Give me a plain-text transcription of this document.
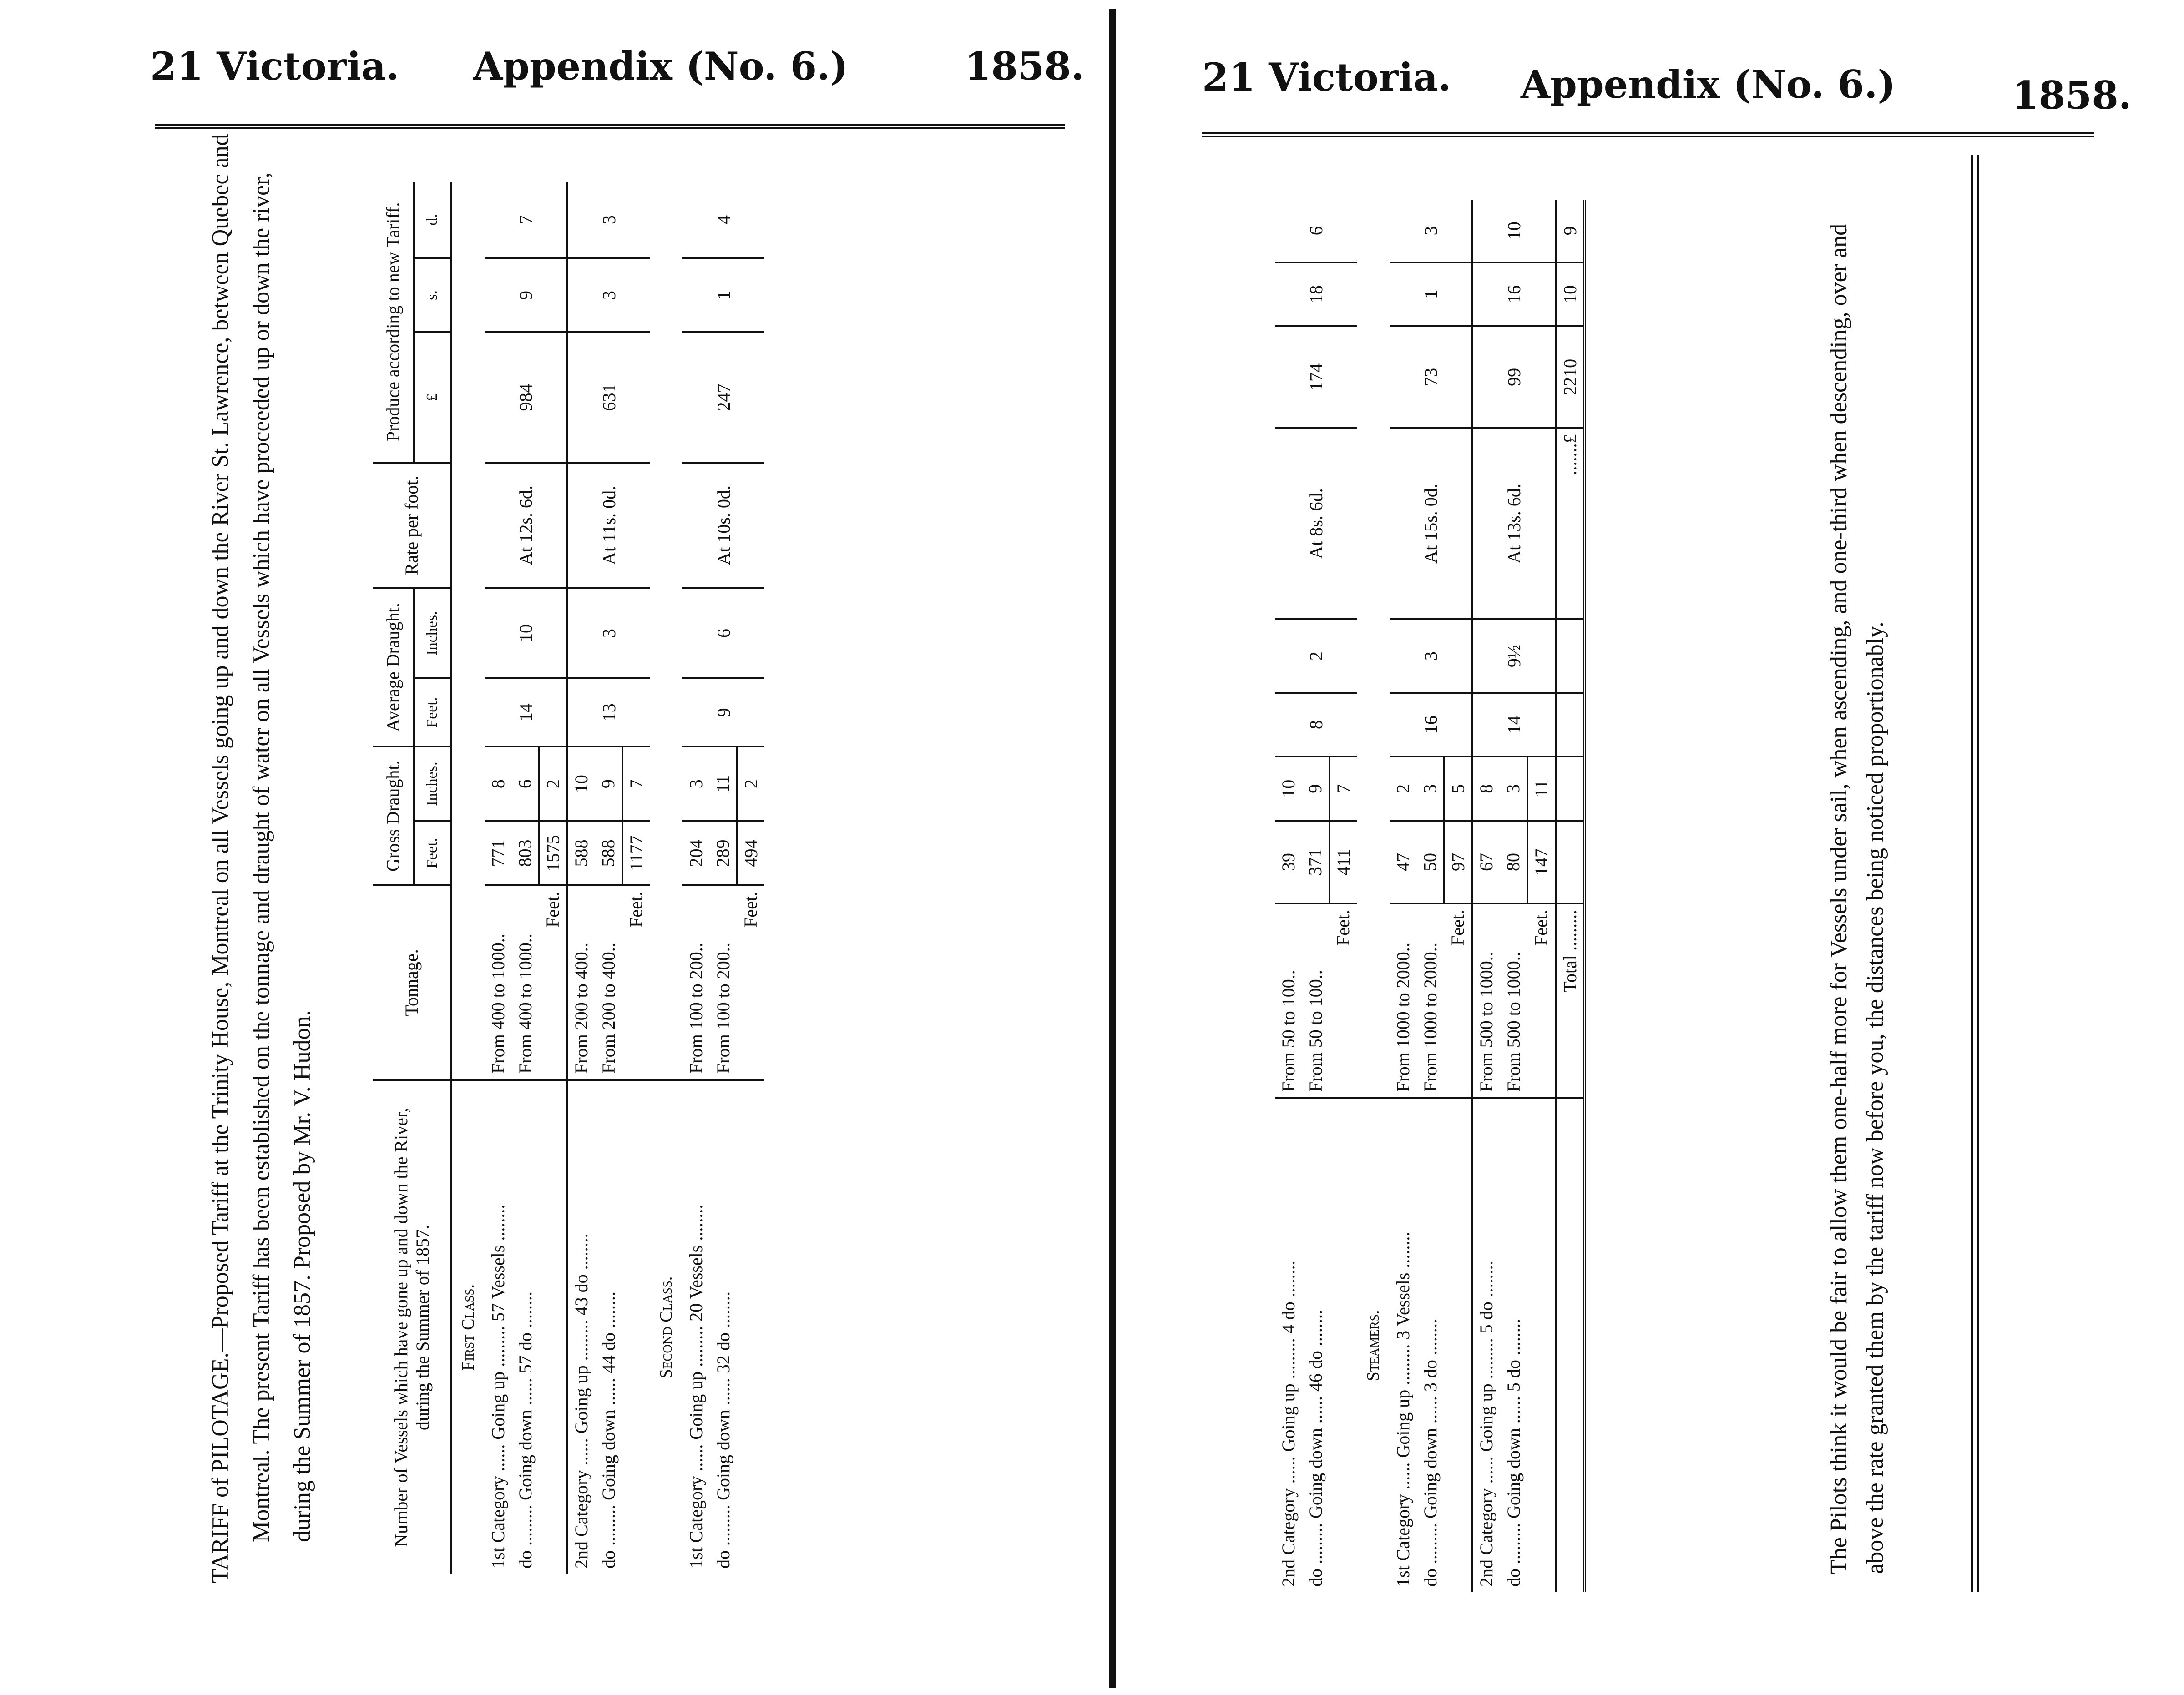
21 Victoria. Appendix (No. 6.)	1858.
TARIFF of PILOTAGE.—Proposed Tariff at the Trinity House, Montreal on all Vessels going up and down the River St. Lawrence, between Quebec and Montreal. The present Tariff has been established on the tonnage and draught of water on all Vessels which have proceeded up or down the river, during the Summer of 1857. Proposed by Mr. V. Hudon.	Number of Vessels which have gone up and down the River, during the Summer of 1857.	Tonnage.	Gross Draught.		Average Draught.		Rate per foot.	Produce according to new Tariff.		
		Feet.	Inches.	Feet.	Inches.		£	s.	d.
First Class.									
1st Category ...... Going up ......... 57 Vessels ........	From 400 to 1000..	771	8	14	10	At 12s. 6d.	984	9	7
do ......... Going down ...... 57 do ........	From 400 to 1000..	803	6						
	Feet.	1575	2						
2nd Category ...... Going up ......... 43 do ........	From 200 to 400..	588	10	13	3	At 11s. 0d.	631	3	3
do ......... Going down ...... 44 do ........	From 200 to 400..	588	9						
	Feet.	1177	7						
Second Class.									
1st Category ...... Going up ......... 20 Vessels ........	From 100 to 200..	204	3	9	6	At 10s. 0d.	247	1	4
do ......... Going down ...... 32 do ........	From 100 to 200..	289	11						
	Feet.	494	2						
21 Victoria. Appendix (No. 6.)	1858.
2nd Category ...... Going up ......... 4 do ........	From 50 to 100..	39	10	8	2	At 8s. 6d.	174	18	6
do ......... Going down ...... 46 do ........	From 50 to 100..	371	9						
	Feet.	411	7						
Steamers.									
1st Category ...... Going up ......... 3 Vessels ........	From 1000 to 2000..	47	2	16	3	At 15s. 0d.	73	1	3
do ......... Going down ...... 3 do ........	From 1000 to 2000..	50	3						
	Feet.	97	5						
2nd Category ...... Going up ......... 5 do ........	From 500 to 1000..	67	8	14	9½	At 13s. 6d.	99	16	10
do ......... Going down ...... 5 do ........	From 500 to 1000..	80	3						
	Feet.	147	11						
	Total .........					.......£	2210	10	9	The Pilots think it would be fair to allow them one-half more for Vessels under sail, when ascending, and one-third when descending, over and above the rate granted them by the tariff now before you, the distances being noticed proportionably.
